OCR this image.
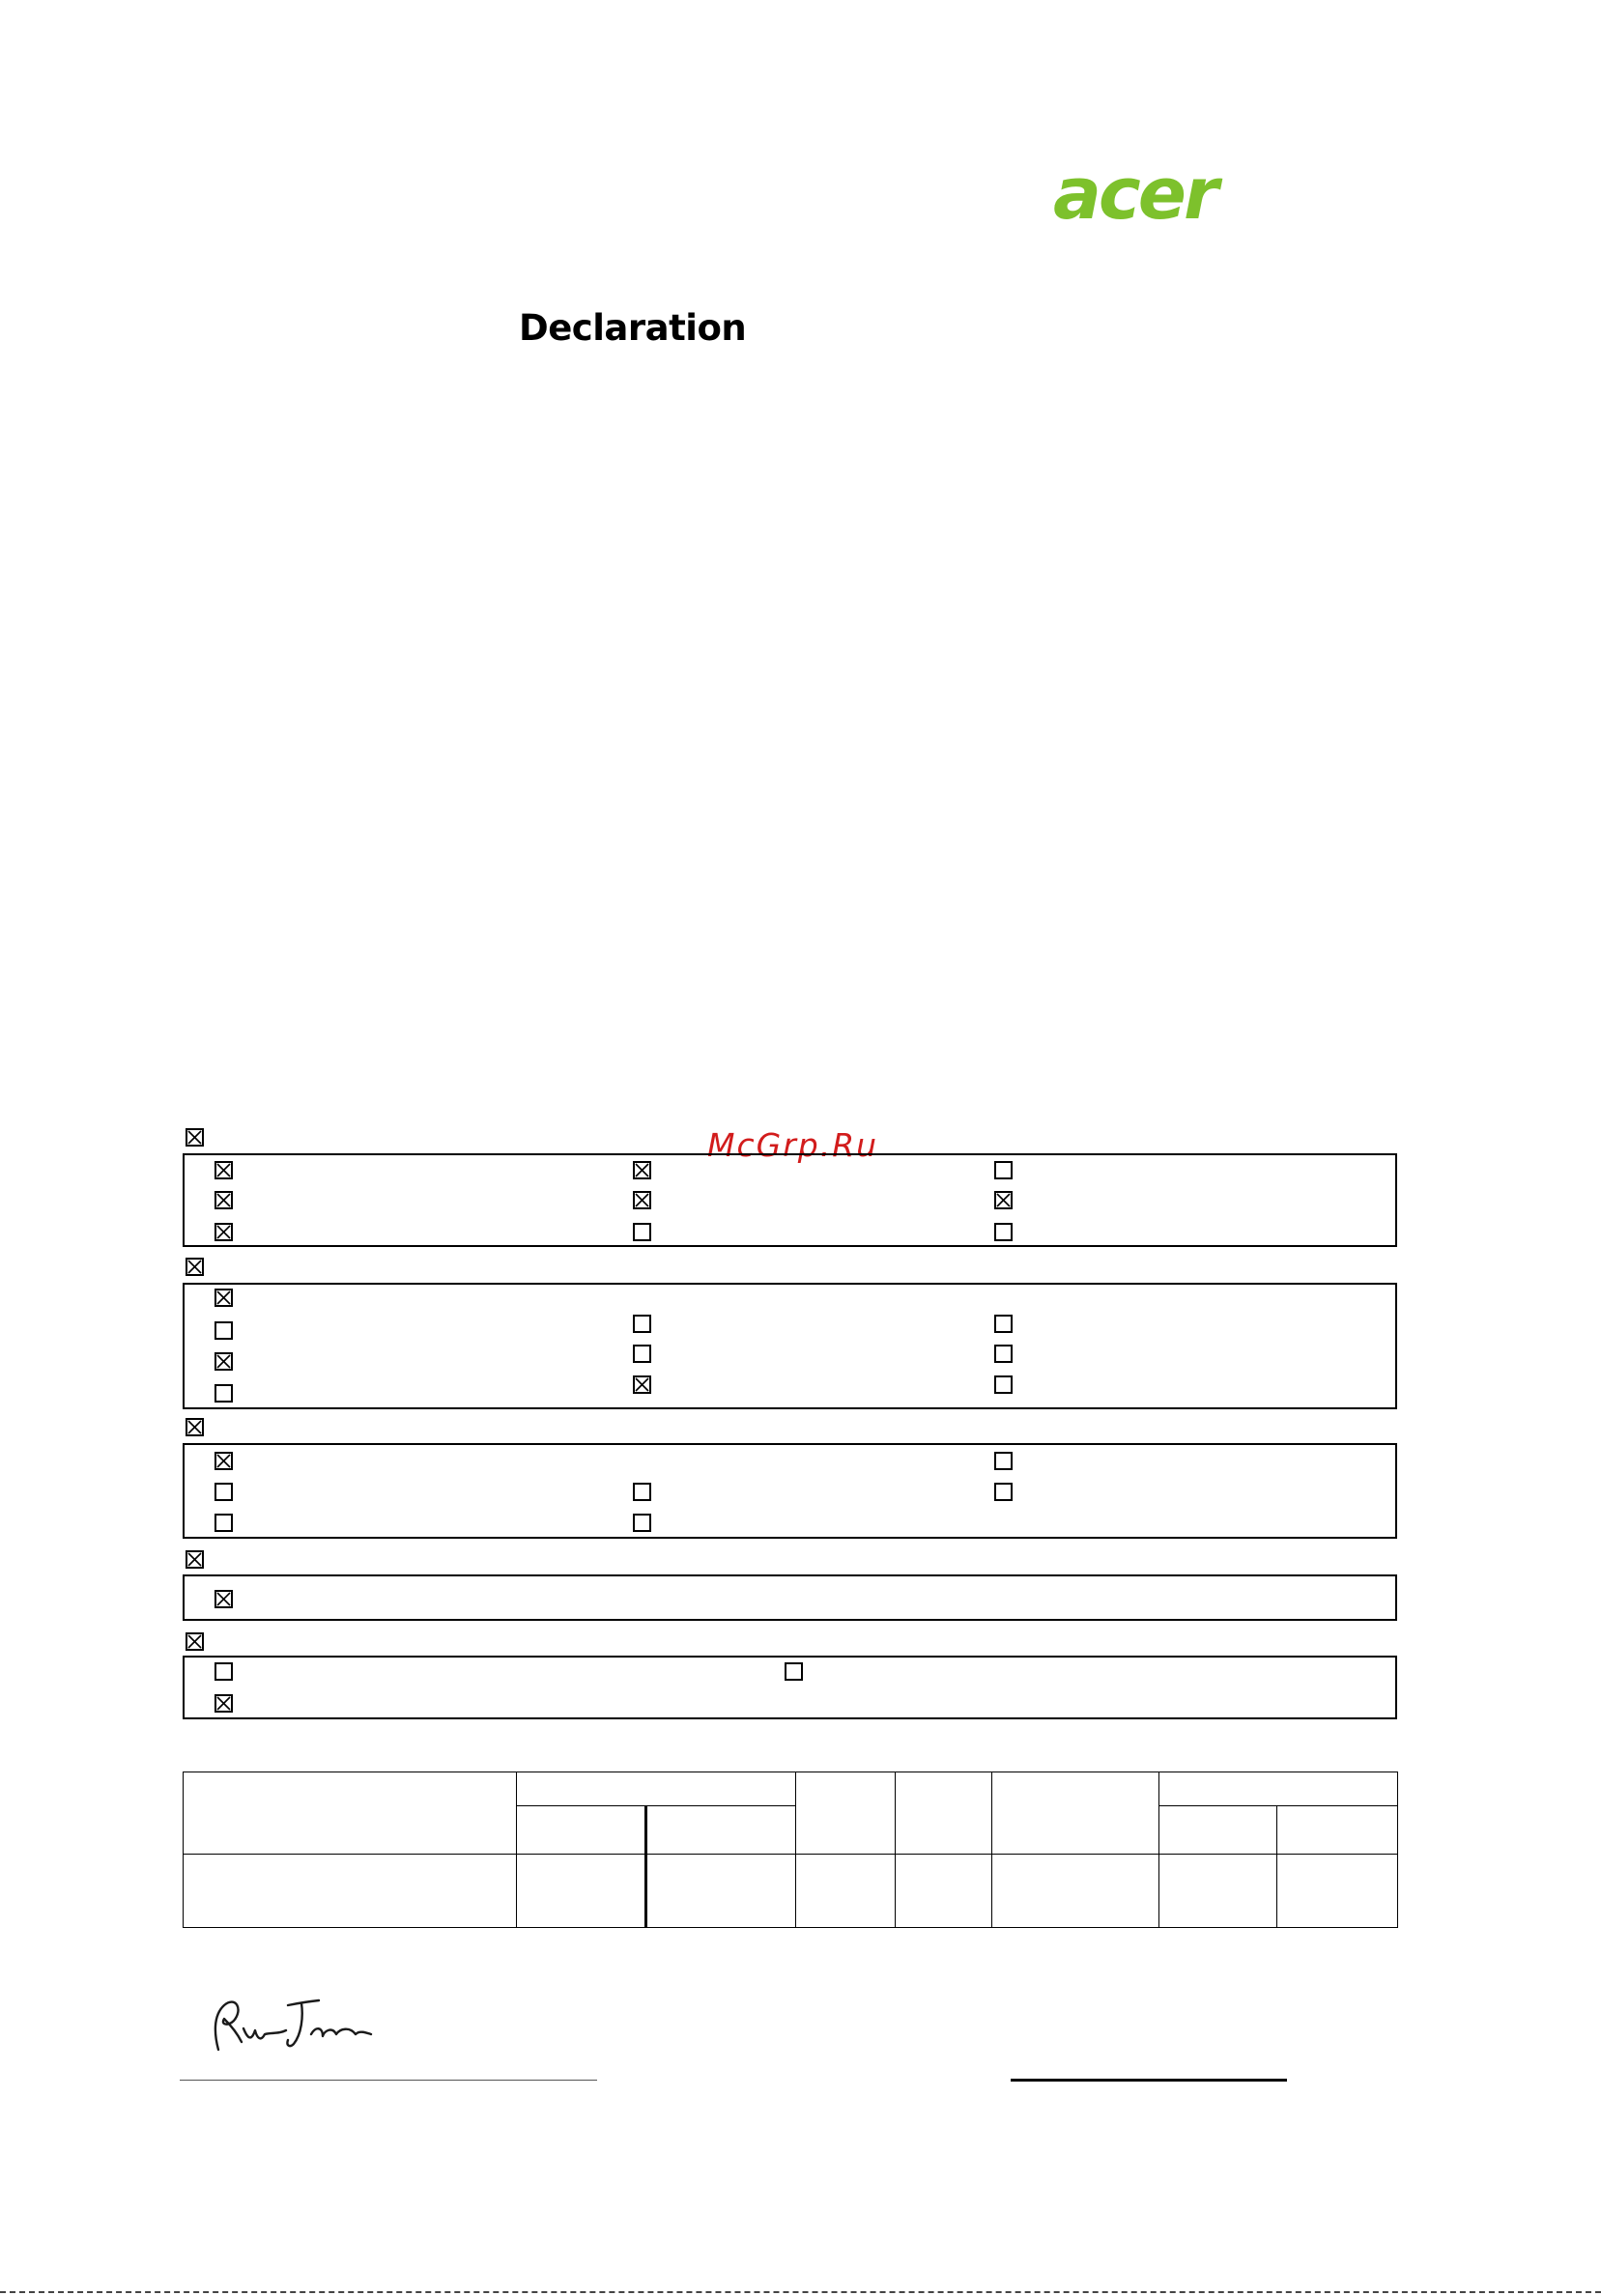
acer
Declaration
McGrp.Ru
